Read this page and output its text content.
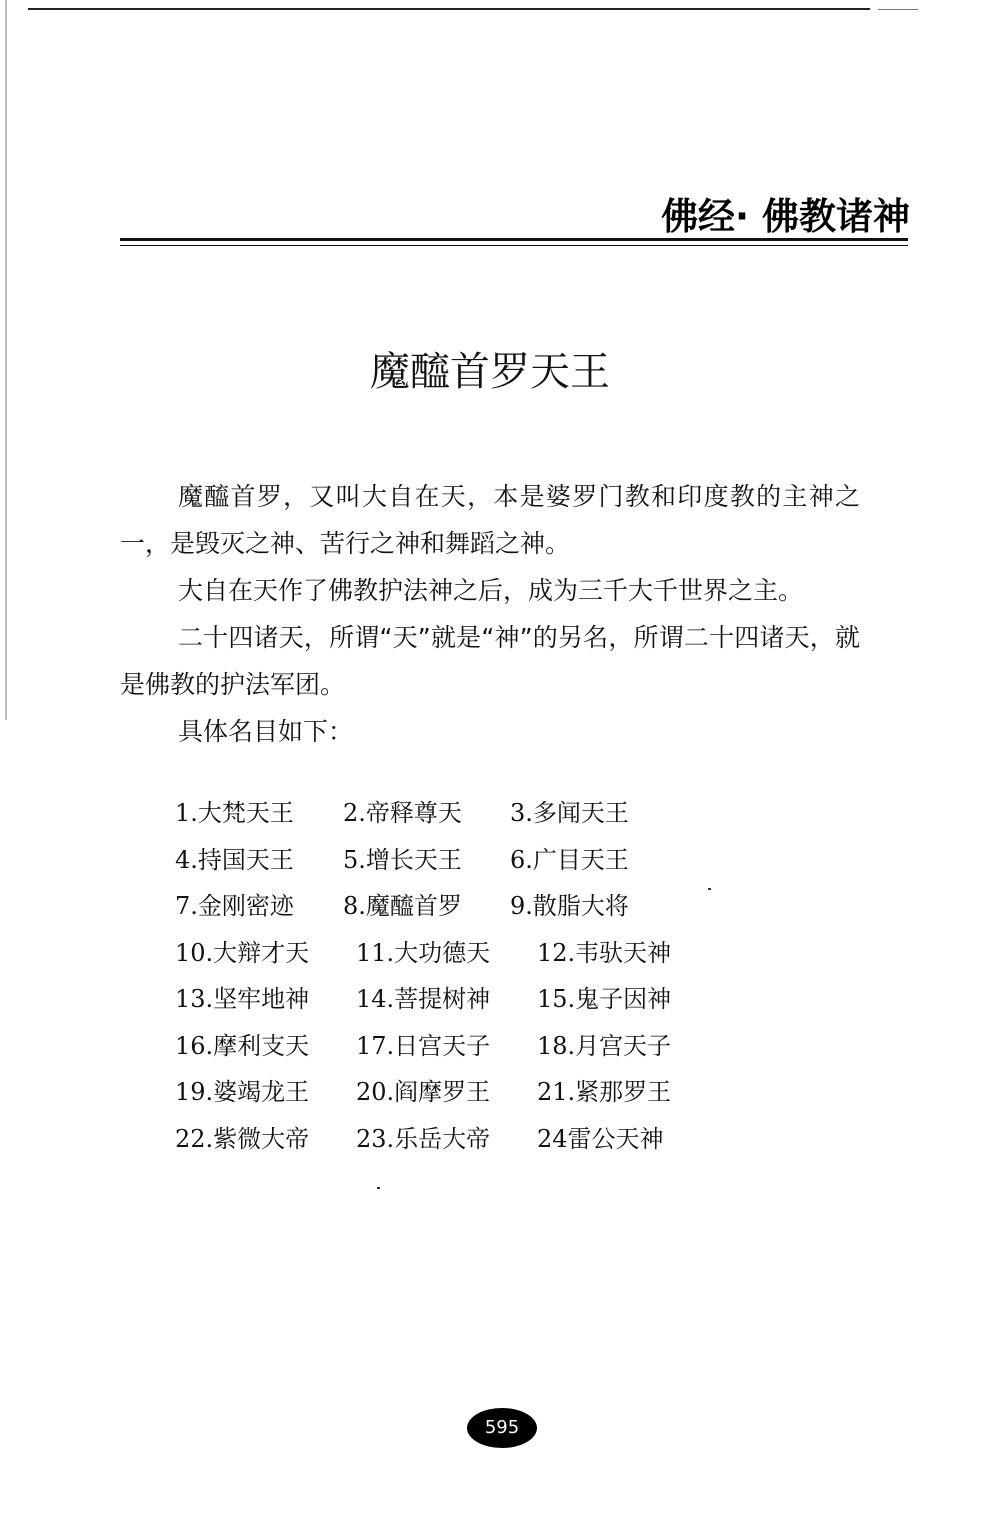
佛经· 佛教诸神
魔醯首罗天王

魔醯首罗，又叫大自在天，本是婆罗门教和印度教的主神之一，是毁灭之神、苦行之神和舞蹈之神。

大自在天作了佛教护法神之后，成为三千大千世界之主。

二十四诸天，所谓“天”就是“神”的另名，所谓二十四诸天，就是佛教的护法军团。

具体名目如下：

1.大梵天王 2.帝释尊天 3.多闻天王
4.持国天王 5.增长天王 6.广目天王
7.金刚密迹 8.魔醯首罗 9.散脂大将
10.大辩才天 11.大功德天 12.韦驮天神
13.坚牢地神 14.菩提树神 15.鬼子因神
16.摩利支天 17.日宫天子 18.月宫天子
19.婆竭龙王 20.阎摩罗王 21.紧那罗王
22.紫微大帝 23.乐岳大帝 24雷公天神
595
